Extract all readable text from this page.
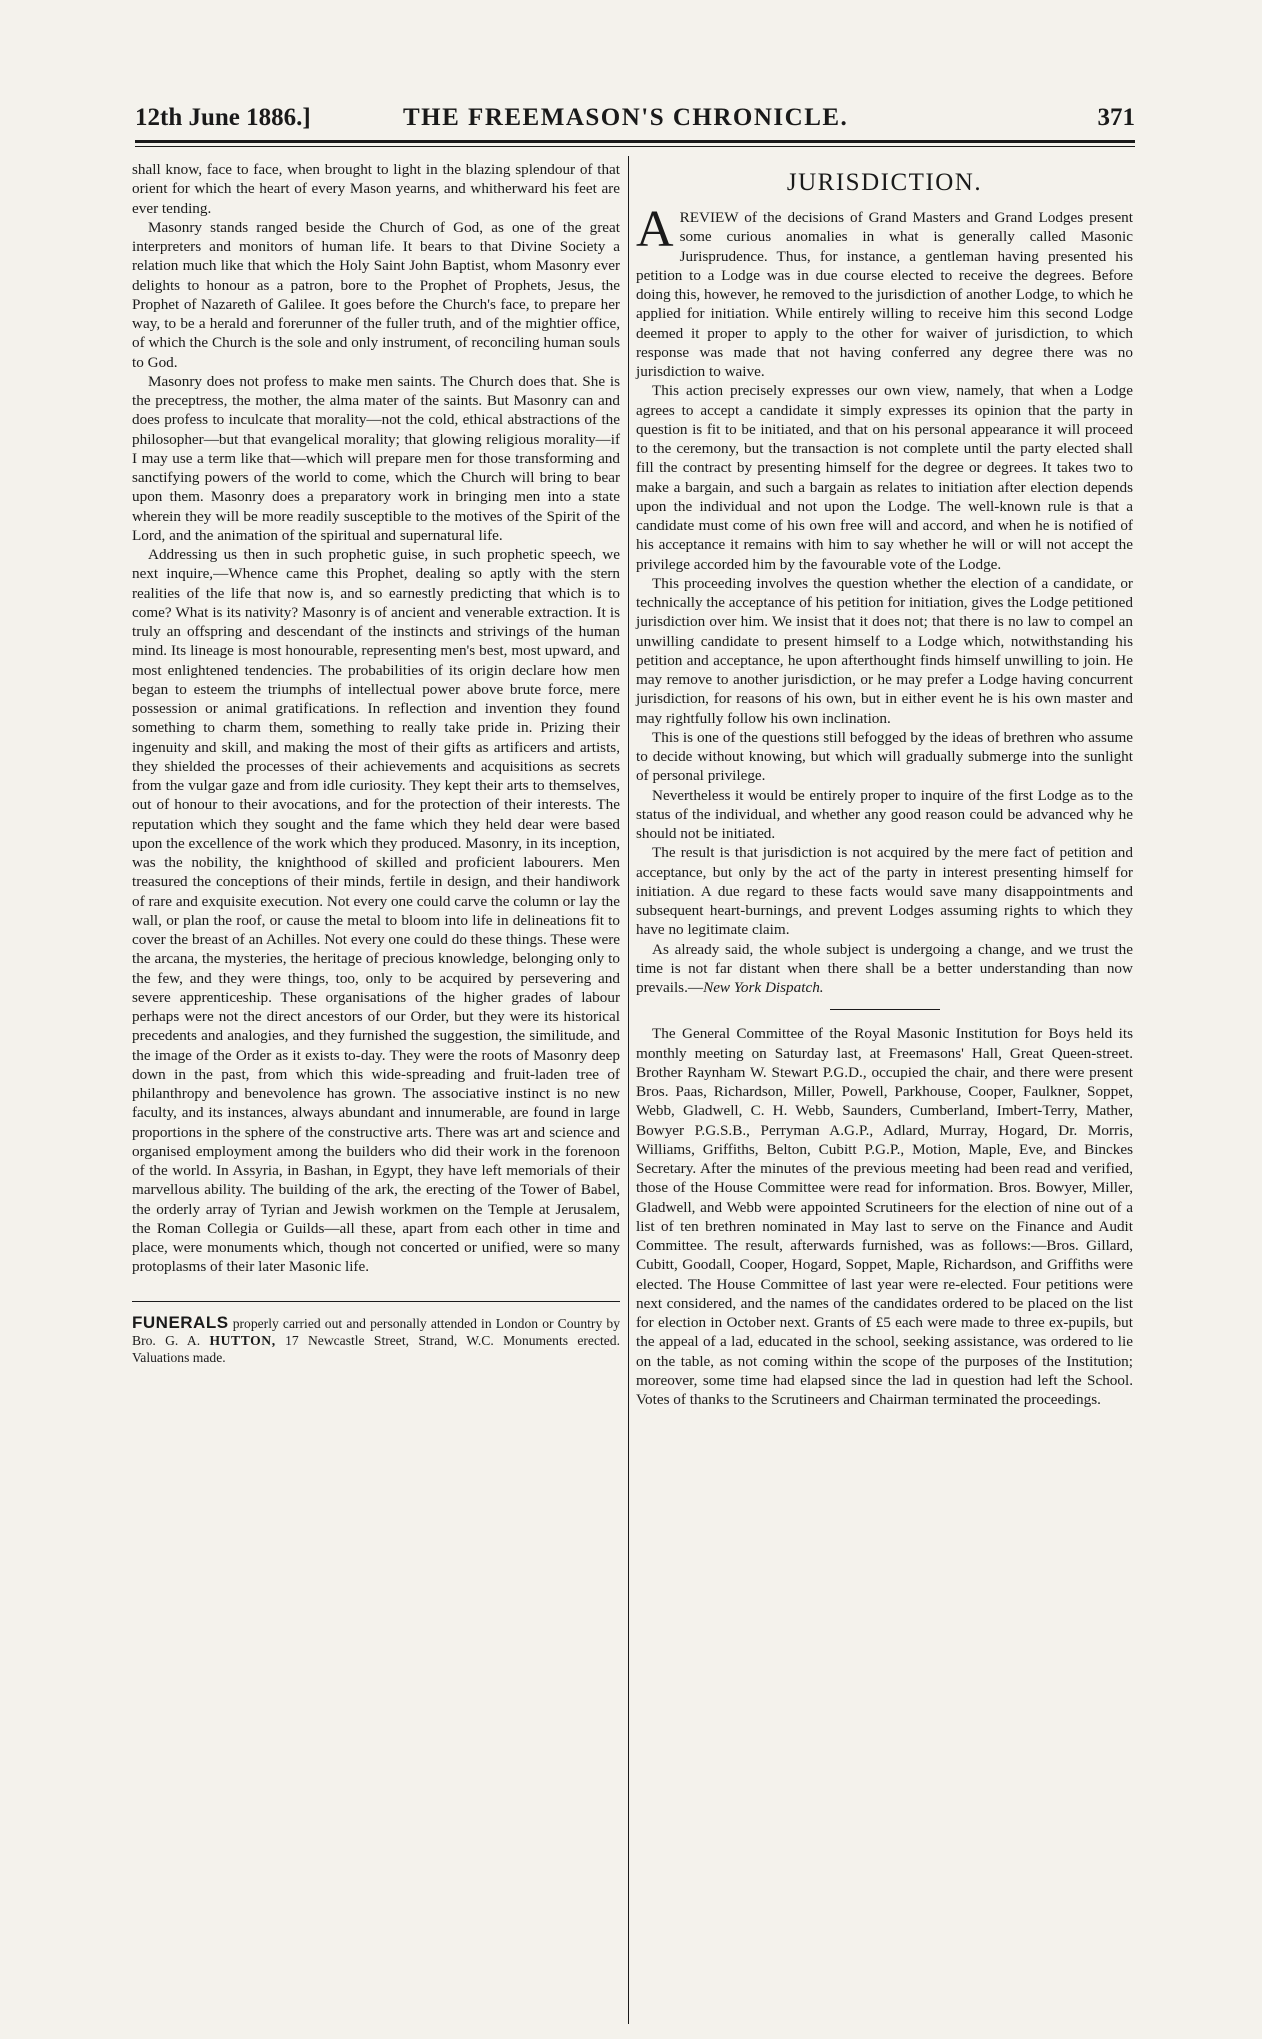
12th June 1886.]	THE FREEMASON'S CHRONICLE.	371

shall know, face to face, when brought to light in the blazing splendour of that orient for which the heart of every Mason yearns, and whitherward his feet are ever tending.

Masonry stands ranged beside the Church of God, as one of the great interpreters and monitors of human life. It bears to that Divine Society a relation much like that which the Holy Saint John Baptist, whom Masonry ever delights to honour as a patron, bore to the Prophet of Prophets, Jesus, the Prophet of Nazareth of Galilee. It goes before the Church's face, to prepare her way, to be a herald and forerunner of the fuller truth, and of the mightier office, of which the Church is the sole and only instrument, of reconciling human souls to God.

Masonry does not profess to make men saints. The Church does that. She is the preceptress, the mother, the alma mater of the saints. But Masonry can and does profess to inculcate that morality—not the cold, ethical abstractions of the philosopher—but that evangelical morality; that glowing religious morality—if I may use a term like that—which will prepare men for those transforming and sanctifying powers of the world to come, which the Church will bring to bear upon them. Masonry does a preparatory work in bringing men into a state wherein they will be more readily susceptible to the motives of the Spirit of the Lord, and the animation of the spiritual and supernatural life.

Addressing us then in such prophetic guise, in such prophetic speech, we next inquire,—Whence came this Prophet, dealing so aptly with the stern realities of the life that now is, and so earnestly predicting that which is to come? What is its nativity? Masonry is of ancient and venerable extraction. It is truly an offspring and descendant of the instincts and strivings of the human mind. Its lineage is most honourable, representing men's best, most upward, and most enlightened tendencies. The probabilities of its origin declare how men began to esteem the triumphs of intellectual power above brute force, mere possession or animal gratifications. In reflection and invention they found something to charm them, something to really take pride in. Prizing their ingenuity and skill, and making the most of their gifts as artificers and artists, they shielded the processes of their achievements and acquisitions as secrets from the vulgar gaze and from idle curiosity. They kept their arts to themselves, out of honour to their avocations, and for the protection of their interests. The reputation which they sought and the fame which they held dear were based upon the excellence of the work which they produced. Masonry, in its inception, was the nobility, the knighthood of skilled and proficient labourers. Men treasured the conceptions of their minds, fertile in design, and their handiwork of rare and exquisite execution. Not every one could carve the column or lay the wall, or plan the roof, or cause the metal to bloom into life in delineations fit to cover the breast of an Achilles. Not every one could do these things. These were the arcana, the mysteries, the heritage of precious knowledge, belonging only to the few, and they were things, too, only to be acquired by persevering and severe apprenticeship. These organisations of the higher grades of labour perhaps were not the direct ancestors of our Order, but they were its historical precedents and analogies, and they furnished the suggestion, the similitude, and the image of the Order as it exists to-day. They were the roots of Masonry deep down in the past, from which this wide-spreading and fruit-laden tree of philanthropy and benevolence has grown. The associative instinct is no new faculty, and its instances, always abundant and innumerable, are found in large proportions in the sphere of the constructive arts. There was art and science and organised employment among the builders who did their work in the forenoon of the world. In Assyria, in Bashan, in Egypt, they have left memorials of their marvellous ability. The building of the ark, the erecting of the Tower of Babel, the orderly array of Tyrian and Jewish workmen on the Temple at Jerusalem, the Roman Collegia or Guilds—all these, apart from each other in time and place, were monuments which, though not concerted or unified, were so many protoplasms of their later Masonic life.

FUNERALS properly carried out and personally attended in London or Country by Bro. G. A. HUTTON, 17 Newcastle Street, Strand, W.C. Monuments erected. Valuations made.

JURISDICTION.

AREVIEW of the decisions of Grand Masters and Grand Lodges present some curious anomalies in what is generally called Masonic Jurisprudence. Thus, for instance, a gentleman having presented his petition to a Lodge was in due course elected to receive the degrees. Before doing this, however, he removed to the jurisdiction of another Lodge, to which he applied for initiation. While entirely willing to receive him this second Lodge deemed it proper to apply to the other for waiver of jurisdiction, to which response was made that not having conferred any degree there was no jurisdiction to waive.

This action precisely expresses our own view, namely, that when a Lodge agrees to accept a candidate it simply expresses its opinion that the party in question is fit to be initiated, and that on his personal appearance it will proceed to the ceremony, but the transaction is not complete until the party elected shall fill the contract by presenting himself for the degree or degrees. It takes two to make a bargain, and such a bargain as relates to initiation after election depends upon the individual and not upon the Lodge. The well-known rule is that a candidate must come of his own free will and accord, and when he is notified of his acceptance it remains with him to say whether he will or will not accept the privilege accorded him by the favourable vote of the Lodge.

This proceeding involves the question whether the election of a candidate, or technically the acceptance of his petition for initiation, gives the Lodge petitioned jurisdiction over him. We insist that it does not; that there is no law to compel an unwilling candidate to present himself to a Lodge which, notwithstanding his petition and acceptance, he upon afterthought finds himself unwilling to join. He may remove to another jurisdiction, or he may prefer a Lodge having concurrent jurisdiction, for reasons of his own, but in either event he is his own master and may rightfully follow his own inclination.

This is one of the questions still befogged by the ideas of brethren who assume to decide without knowing, but which will gradually submerge into the sunlight of personal privilege.

Nevertheless it would be entirely proper to inquire of the first Lodge as to the status of the individual, and whether any good reason could be advanced why he should not be initiated.

The result is that jurisdiction is not acquired by the mere fact of petition and acceptance, but only by the act of the party in interest presenting himself for initiation. A due regard to these facts would save many disappointments and subsequent heart-burnings, and prevent Lodges assuming rights to which they have no legitimate claim.

As already said, the whole subject is undergoing a change, and we trust the time is not far distant when there shall be a better understanding than now prevails.—New York Dispatch.

The General Committee of the Royal Masonic Institution for Boys held its monthly meeting on Saturday last, at Freemasons' Hall, Great Queen-street. Brother Raynham W. Stewart P.G.D., occupied the chair, and there were present Bros. Paas, Richardson, Miller, Powell, Parkhouse, Cooper, Faulkner, Soppet, Webb, Gladwell, C. H. Webb, Saunders, Cumberland, Imbert-Terry, Mather, Bowyer P.G.S.B., Perryman A.G.P., Adlard, Murray, Hogard, Dr. Morris, Williams, Griffiths, Belton, Cubitt P.G.P., Motion, Maple, Eve, and Binckes Secretary. After the minutes of the previous meeting had been read and verified, those of the House Committee were read for information. Bros. Bowyer, Miller, Gladwell, and Webb were appointed Scrutineers for the election of nine out of a list of ten brethren nominated in May last to serve on the Finance and Audit Committee. The result, afterwards furnished, was as follows:—Bros. Gillard, Cubitt, Goodall, Cooper, Hogard, Soppet, Maple, Richardson, and Griffiths were elected. The House Committee of last year were re-elected. Four petitions were next considered, and the names of the candidates ordered to be placed on the list for election in October next. Grants of £5 each were made to three ex-pupils, but the appeal of a lad, educated in the school, seeking assistance, was ordered to lie on the table, as not coming within the scope of the purposes of the Institution; moreover, some time had elapsed since the lad in question had left the School. Votes of thanks to the Scrutineers and Chairman terminated the proceedings.
